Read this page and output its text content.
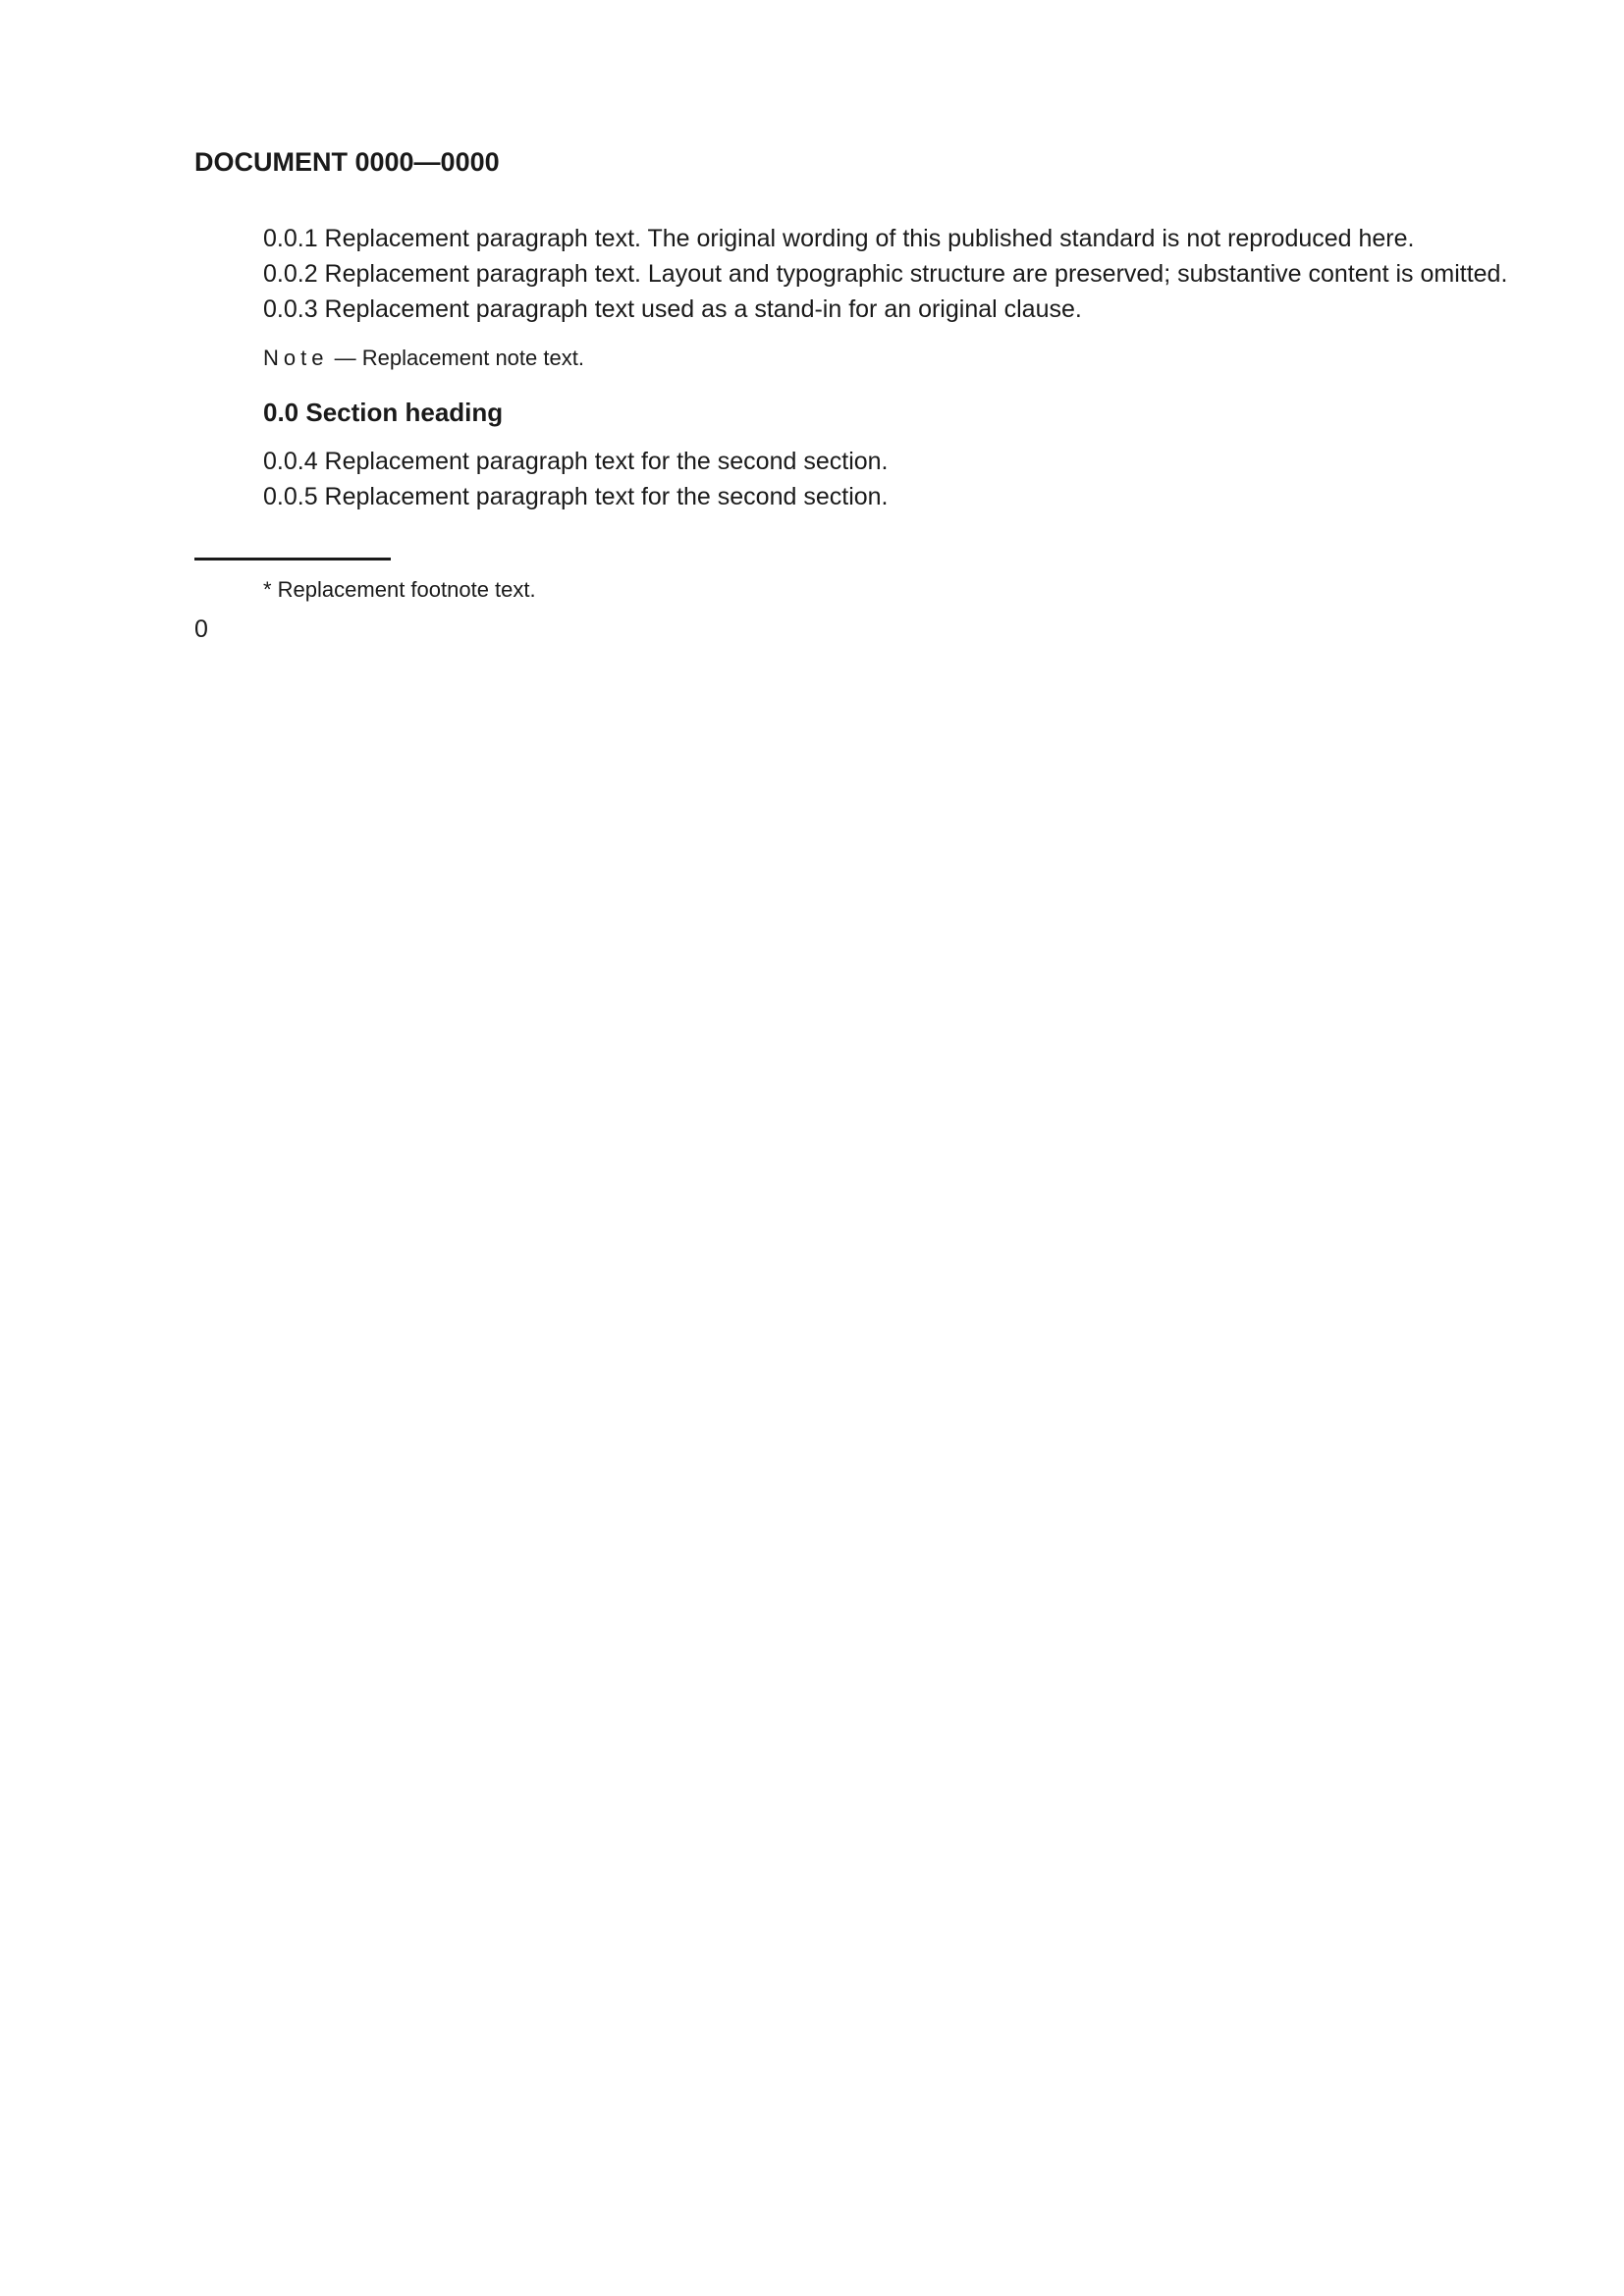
DOCUMENT 0000—0000

0.0.1 Replacement paragraph text. The original wording of this published standard is not reproduced here.

0.0.2 Replacement paragraph text. Layout and typographic structure are preserved; substantive content is omitted.

0.0.3 Replacement paragraph text used as a stand-in for an original clause.

Note — Replacement note text.

0.0 Section heading

0.0.4 Replacement paragraph text for the second section.

0.0.5 Replacement paragraph text for the second section.

* Replacement footnote text.

0
